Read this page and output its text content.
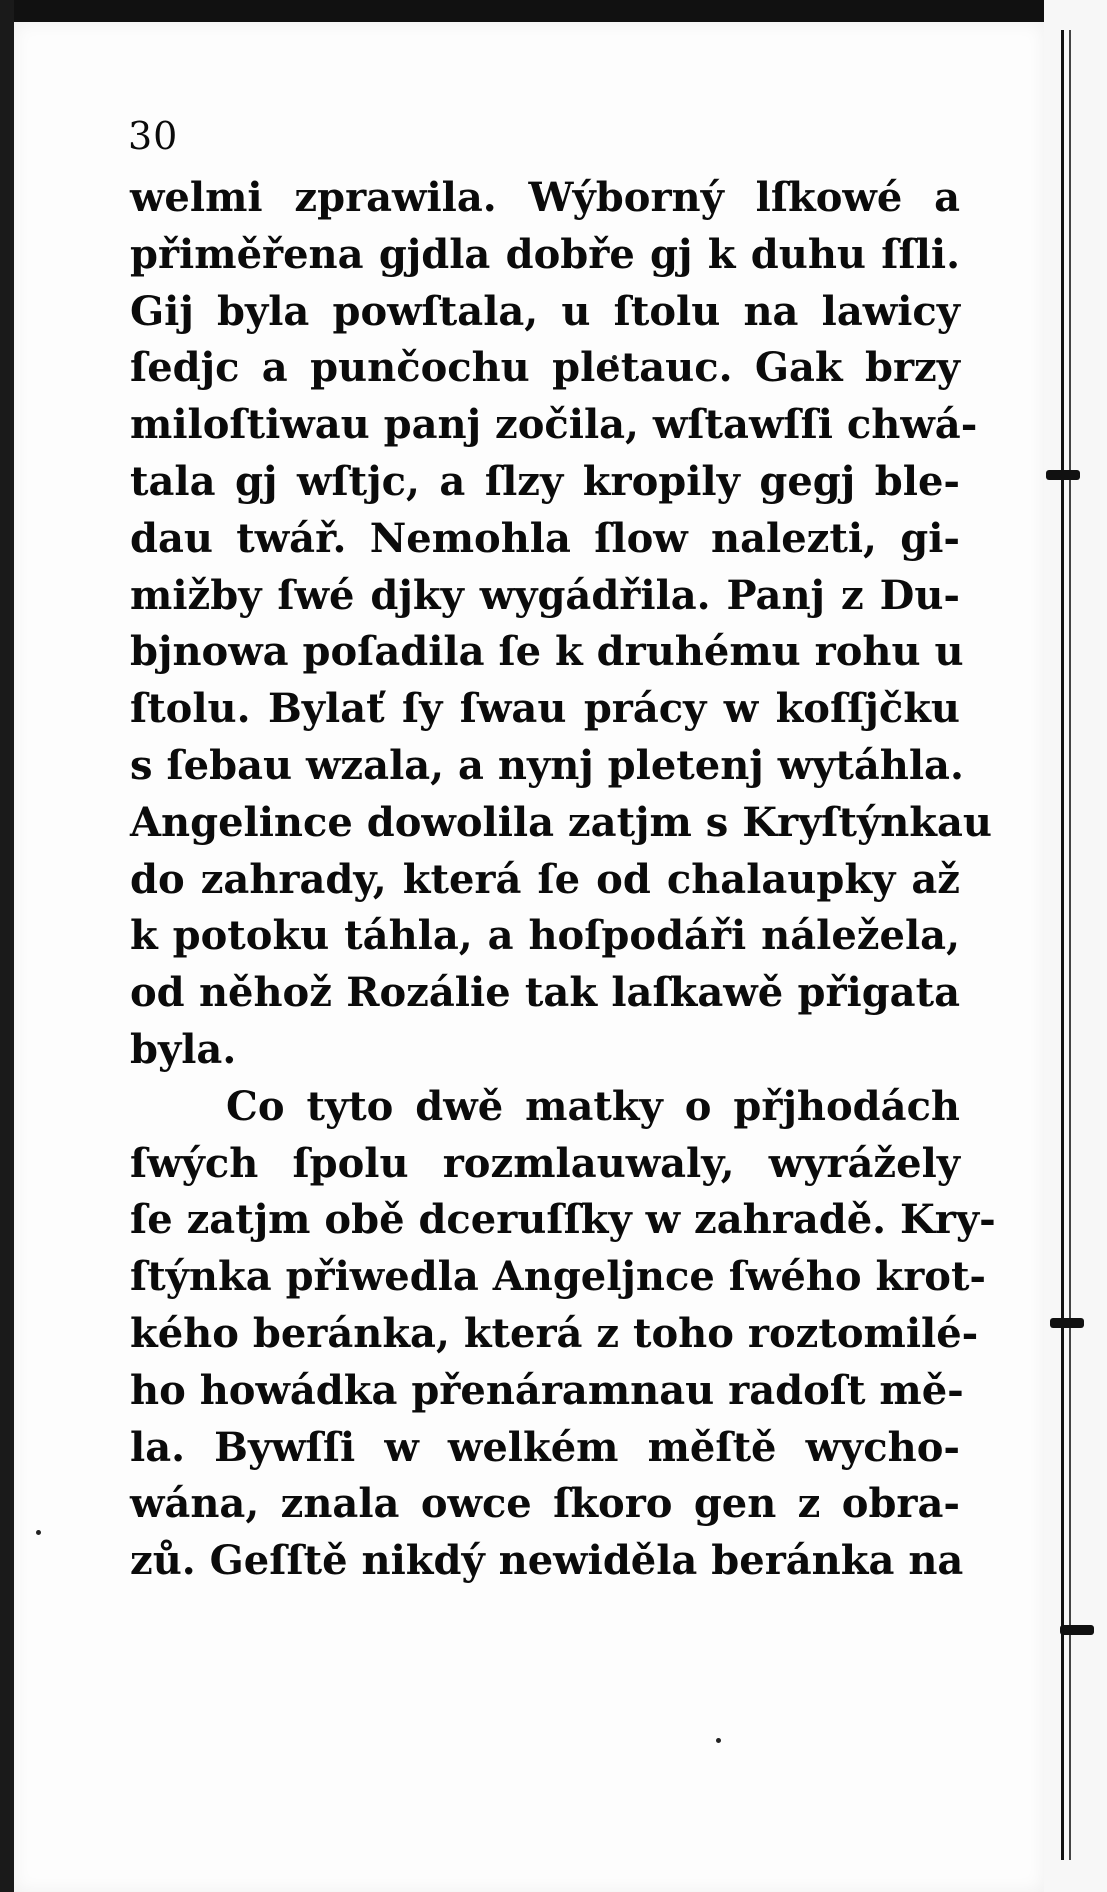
30
welmi zprawila. Wýborný lſkowé a
přiměřena gjdla dobře gj k duhu ſſli.
Gij byla powſtala, u ſtolu na lawicy
ſedjc a punčochu pletauc. Gak brzy
miloſtiwau panj zočila, wſtawſſi chwá-
tala gj wſtjc, a ſlzy kropily gegj ble-
dau twář. Nemohla ſlow nalezti, gi-
mižby ſwé djky wygádřila. Panj z Du-
bjnowa poſadila ſe k druhému rohu u
ſtolu. Bylať ſy ſwau prácy w koſſjčku
s ſebau wzala, a nynj pletenj wytáhla.
Angelince dowolila zatjm s Kryſtýnkau
do zahrady, která ſe od chalaupky až
k potoku táhla, a hoſpodáři náležela,
od něhož Rozálie tak laſkawě přigata
byla.
Co tyto dwě matky o přjhodách
ſwých ſpolu rozmlauwaly, wyrážely
ſe zatjm obě dceruſſky w zahradě. Kry-
ſtýnka přiwedla Angeljnce ſwého krot-
kého beránka, která z toho roztomilé-
ho howádka přenáramnau radoſt mě-
la. Bywſſi w welkém měſtě wycho-
wána, znala owce ſkoro gen z obra-
zů. Geſſtě nikdý newiděla beránka na
